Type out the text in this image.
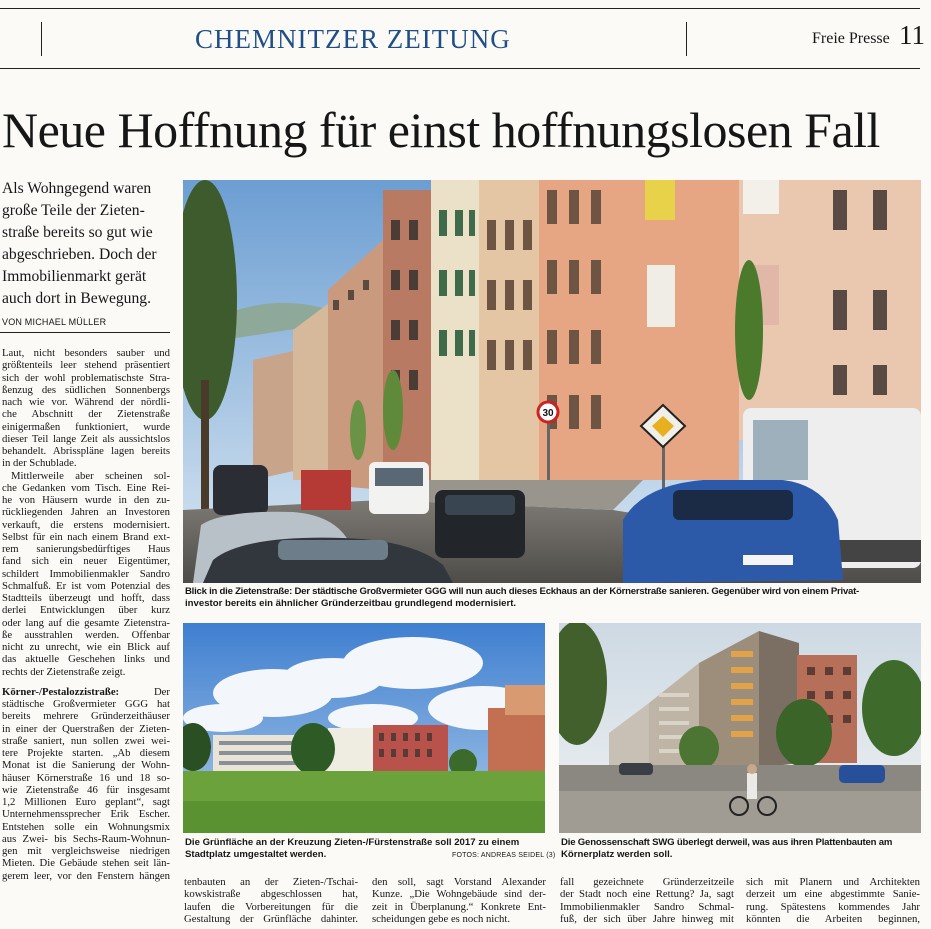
CHEMNITZER ZEITUNG	Freie Presse 11
Neue Hoffnung für einst hoffnungslosen Fall
Als Wohngegend waren
große Teile der Zieten-
straße bereits so gut wie
abgeschrieben. Doch der
Immobilienmarkt gerät
auch dort in Bewegung.
VON MICHAEL MÜLLER
Laut, nicht besonders sauber und
größtenteils leer stehend präsentiert
sich der wohl problematischste Stra-
ßenzug des südlichen Sonnenbergs
nach wie vor. Während der nördli-
che Abschnitt der Zietenstraße
einigermaßen funktioniert, wurde
dieser Teil lange Zeit als aussichtslos
behandelt. Abrisspläne lagen bereits
in der Schublade.
Mittlerweile aber scheinen sol-
che Gedanken vom Tisch. Eine Rei-
he von Häusern wurde in den zu-
rückliegenden Jahren an Investoren
verkauft, die erstens modernisiert.
Selbst für ein nach einem Brand ext-
rem sanierungsbedürftiges Haus
fand sich ein neuer Eigentümer,
schildert Immobilienmakler Sandro
Schmalfuß. Er ist vom Potenzial des
Stadtteils überzeugt und hofft, dass
derlei Entwicklungen über kurz
oder lang auf die gesamte Zietenstra-
ße ausstrahlen werden. Offenbar
nicht zu unrecht, wie ein Blick auf
das aktuelle Geschehen links und
rechts der Zietenstraße zeigt.
Körner-/Pestalozzistraße:	Der
städtische Großvermieter GGG hat
bereits mehrere Gründerzeithäuser
in einer der Querstraßen der Zieten-
straße saniert, nun sollen zwei wei-
tere Projekte starten. „Ab diesem
Monat ist die Sanierung der Wohn-
häuser Körnerstraße 16 und 18 so-
wie Zietenstraße 46 für insgesamt
1,2 Millionen Euro geplant“, sagt
Unternehmenssprecher Erik Escher.
Entstehen solle ein Wohnungsmix
aus Zwei- bis Sechs-Raum-Wohnun-
gen mit vergleichsweise niedrigen
Mieten. Die Gebäude stehen seit län-
gerem leer, vor den Fenstern hängen
30
Blick in die Zietenstraße: Der städtische Großvermieter GGG will nun auch dieses Eckhaus an der Körnerstraße sanieren. Gegenüber wird von einem Privat-
investor bereits ein ähnlicher Gründerzeitbau grundlegend modernisiert.
Die Grünfläche an der Kreuzung Zieten-/Fürstenstraße soll 2017 zu einem
Stadtplatz umgestaltet werden.	FOTOS: ANDREAS SEIDEL (3)
Die Genossenschaft SWG überlegt derweil, was aus ihren Plattenbauten am
Körnerplatz werden soll.
tenbauten an der Zieten-/Tschai-
kowskistraße abgeschlossen hat,
laufen die Vorbereitungen für die
Gestaltung der Grünfläche dahinter.
den soll, sagt Vorstand Alexander
Kunze. „Die Wohngebäude sind der-
zeit in Überplanung.“ Konkrete Ent-
scheidungen gebe es noch nicht.
fall gezeichnete Gründerzeitzeile
der Stadt noch eine Rettung? Ja, sagt
Immobilienmakler Sandro Schmal-
fuß, der sich über Jahre hinweg mit
sich mit Planern und Architekten
derzeit um eine abgestimmte Sanie-
rung. Spätestens kommendes Jahr
könnten die Arbeiten beginnen,
